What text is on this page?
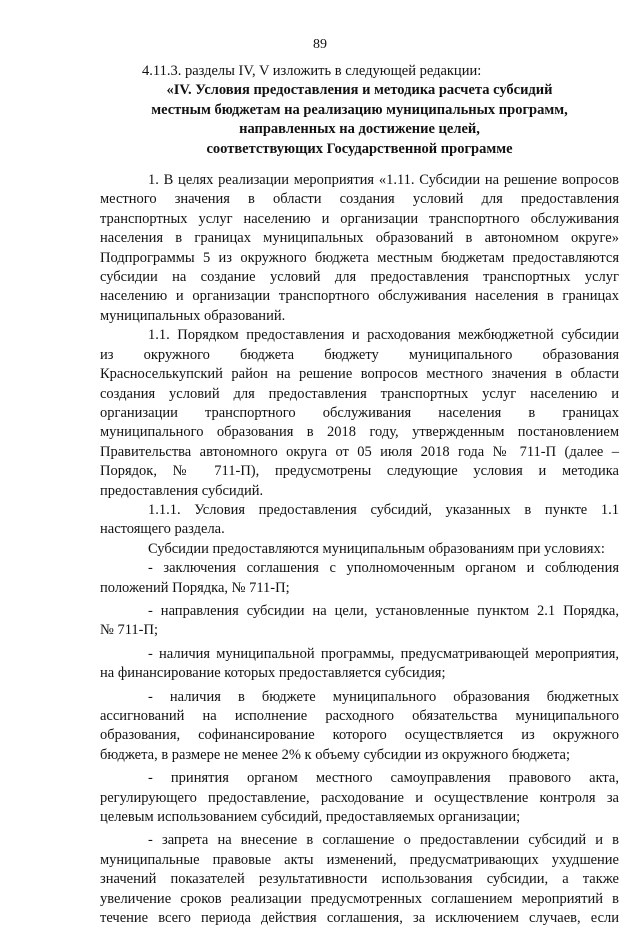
89
4.11.3. разделы IV, V изложить в следующей редакции:
«IV. Условия предоставления и методика расчета субсидий
местным бюджетам на реализацию муниципальных программ,
направленных на достижение целей,
соответствующих Государственной программе
1. В целях реализации мероприятия «1.11. Субсидии на решение вопросов
местного значения в области создания условий для предоставления
транспортных услуг населению и организации транспортного обслуживания
населения в границах муниципальных образований в автономном округе»
Подпрограммы 5 из окружного бюджета местным бюджетам предоставляются
субсидии на создание условий для предоставления транспортных услуг
населению и организации транспортного обслуживания населения в границах
муниципальных образований.
1.1. Порядком предоставления и расходования межбюджетной субсидии
из окружного бюджета бюджету муниципального образования
Красноселькупский район на решение вопросов местного значения в области
создания условий для предоставления транспортных услуг населению и
организации транспортного обслуживания населения в границах
муниципального образования в 2018 году, утвержденным постановлением
Правительства автономного округа от 05 июля 2018 года № 711-П (далее –
Порядок, № 711-П), предусмотрены следующие условия и методика
предоставления субсидий.
1.1.1. Условия предоставления субсидий, указанных в пункте 1.1
настоящего раздела.
Субсидии предоставляются муниципальным образованиям при условиях:
- заключения соглашения с уполномоченным органом и соблюдения
положений Порядка, № 711-П;
- направления субсидии на цели, установленные пунктом 2.1 Порядка,
№ 711-П;
- наличия муниципальной программы, предусматривающей мероприятия,
на финансирование которых предоставляется субсидия;
- наличия в бюджете муниципального образования бюджетных
ассигнований на исполнение расходного обязательства муниципального
образования, софинансирование которого осуществляется из окружного
бюджета, в размере не менее 2% к объему субсидии из окружного бюджета;
- принятия органом местного самоуправления правового акта,
регулирующего предоставление, расходование и осуществление контроля за
целевым использованием субсидий, предоставляемых организации;
- запрета на внесение в соглашение о предоставлении субсидий и в
муниципальные правовые акты изменений, предусматривающих ухудшение
значений показателей результативности использования субсидии, а также
увеличение сроков реализации предусмотренных соглашением мероприятий в
течение всего периода действия соглашения, за исключением случаев, если
